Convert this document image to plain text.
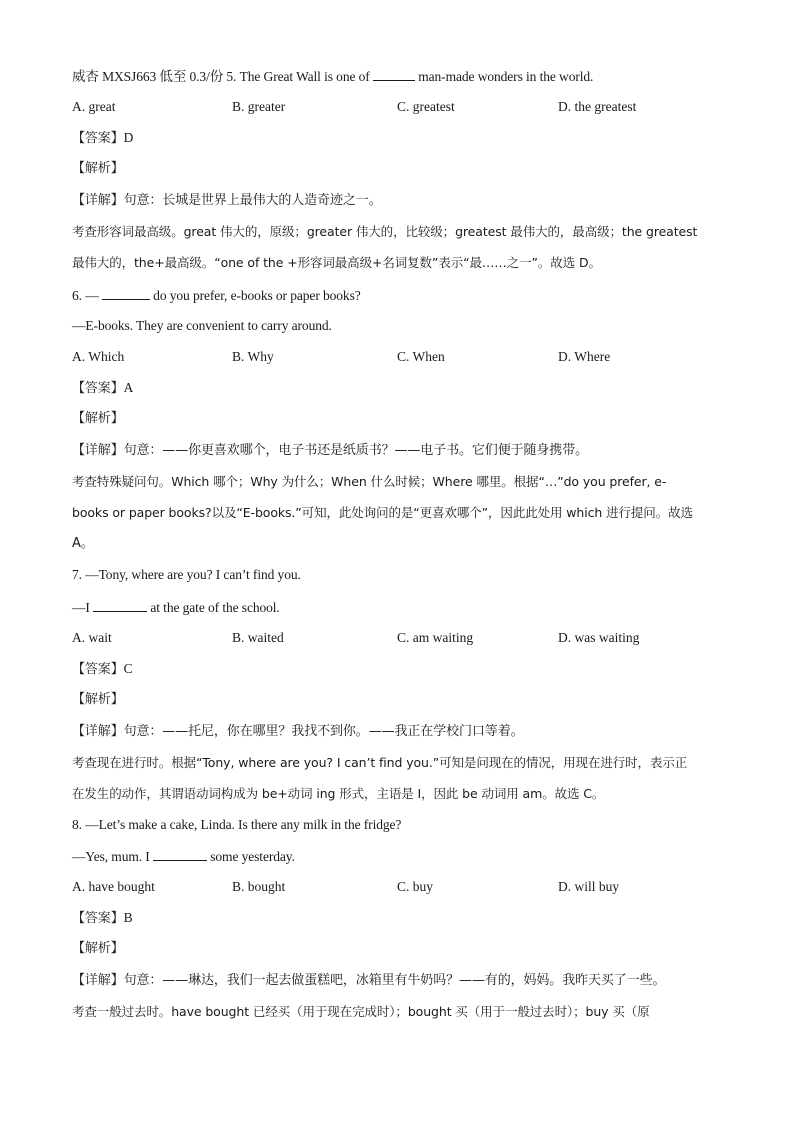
威杏 MXSJ663 低至 0.3/份 5. The Great Wall is one of	man-made wonders in the world.
A. great	B. greater	C. greatest	D. the greatest
【答案】D
【解析】
【详解】句意：长城是世界上最伟大的人造奇迹之一。
考查形容词最高级。great 伟大的，原级；greater 伟大的，比较级；greatest 最伟大的，最高级；the greatest
最伟大的，the+最高级。“one of the +形容词最高级+名词复数”表示“最……之一”。故选 D。
6. —	do you prefer, e-books or paper books?
—E-books. They are convenient to carry around.
A. Which	B. Why	C. When	D. Where
【答案】A
【解析】
【详解】句意：——你更喜欢哪个，电子书还是纸质书？——电子书。它们便于随身携带。
考查特殊疑问句。Which 哪个；Why 为什么；When 什么时候；Where 哪里。根据“…”do you prefer, e-
books or paper books?以及“E-books.”可知，此处询问的是“更喜欢哪个”，因此此处用 which 进行提问。故选
A。
7. —Tony, where are you? I can’t find you.
—I	at the gate of the school.
A. wait	B. waited	C. am waiting	D. was waiting
【答案】C
【解析】
【详解】句意：——托尼，你在哪里？我找不到你。——我正在学校门口等着。
考查现在进行时。根据“Tony, where are you? I can’t find you.”可知是问现在的情况，用现在进行时，表示正
在发生的动作，其谓语动词构成为 be+动词 ing 形式，主语是 I，因此 be 动词用 am。故选 C。
8. —Let’s make a cake, Linda. Is there any milk in the fridge?
—Yes, mum. I	some yesterday.
A. have bought	B. bought	C. buy	D. will buy
【答案】B
【解析】
【详解】句意：——琳达，我们一起去做蛋糕吧，冰箱里有牛奶吗？——有的，妈妈。我昨天买了一些。
考查一般过去时。have bought 已经买（用于现在完成时）；bought 买（用于一般过去时）；buy 买（原
